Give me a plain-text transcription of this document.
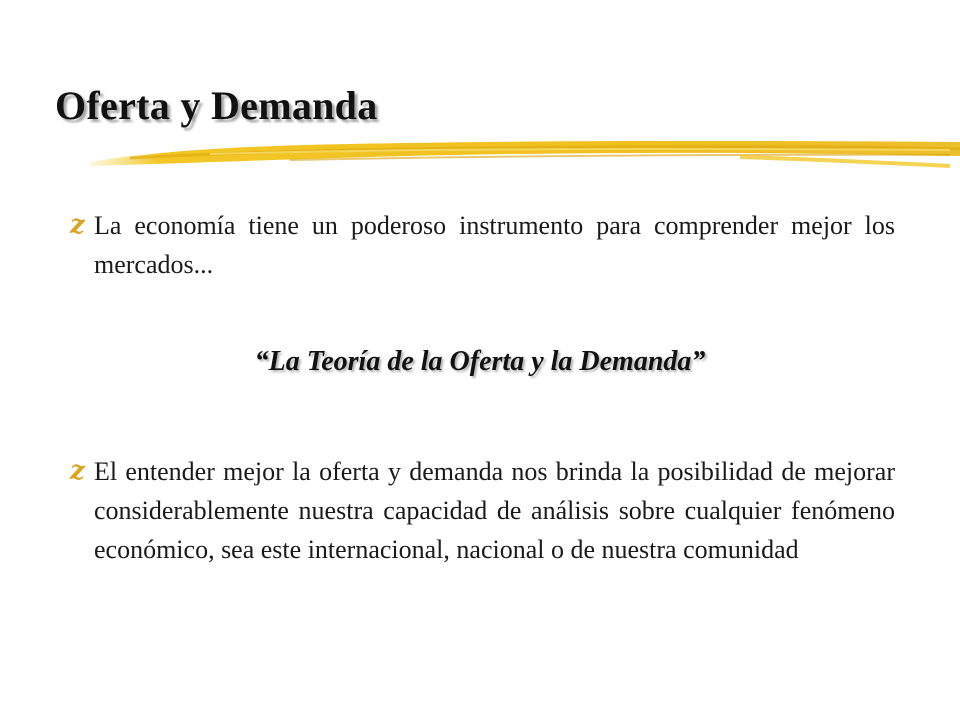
Oferta y Demanda
z La economía tiene un poderoso instrumento para comprender mejor los mercados...

“La Teoría de la Oferta y la Demanda”

z El entender mejor la oferta y demanda nos brinda la posibilidad de mejorar considerablemente nuestra capacidad de análisis sobre cualquier fenómeno económico, sea este internacional, nacional o de nuestra comunidad
